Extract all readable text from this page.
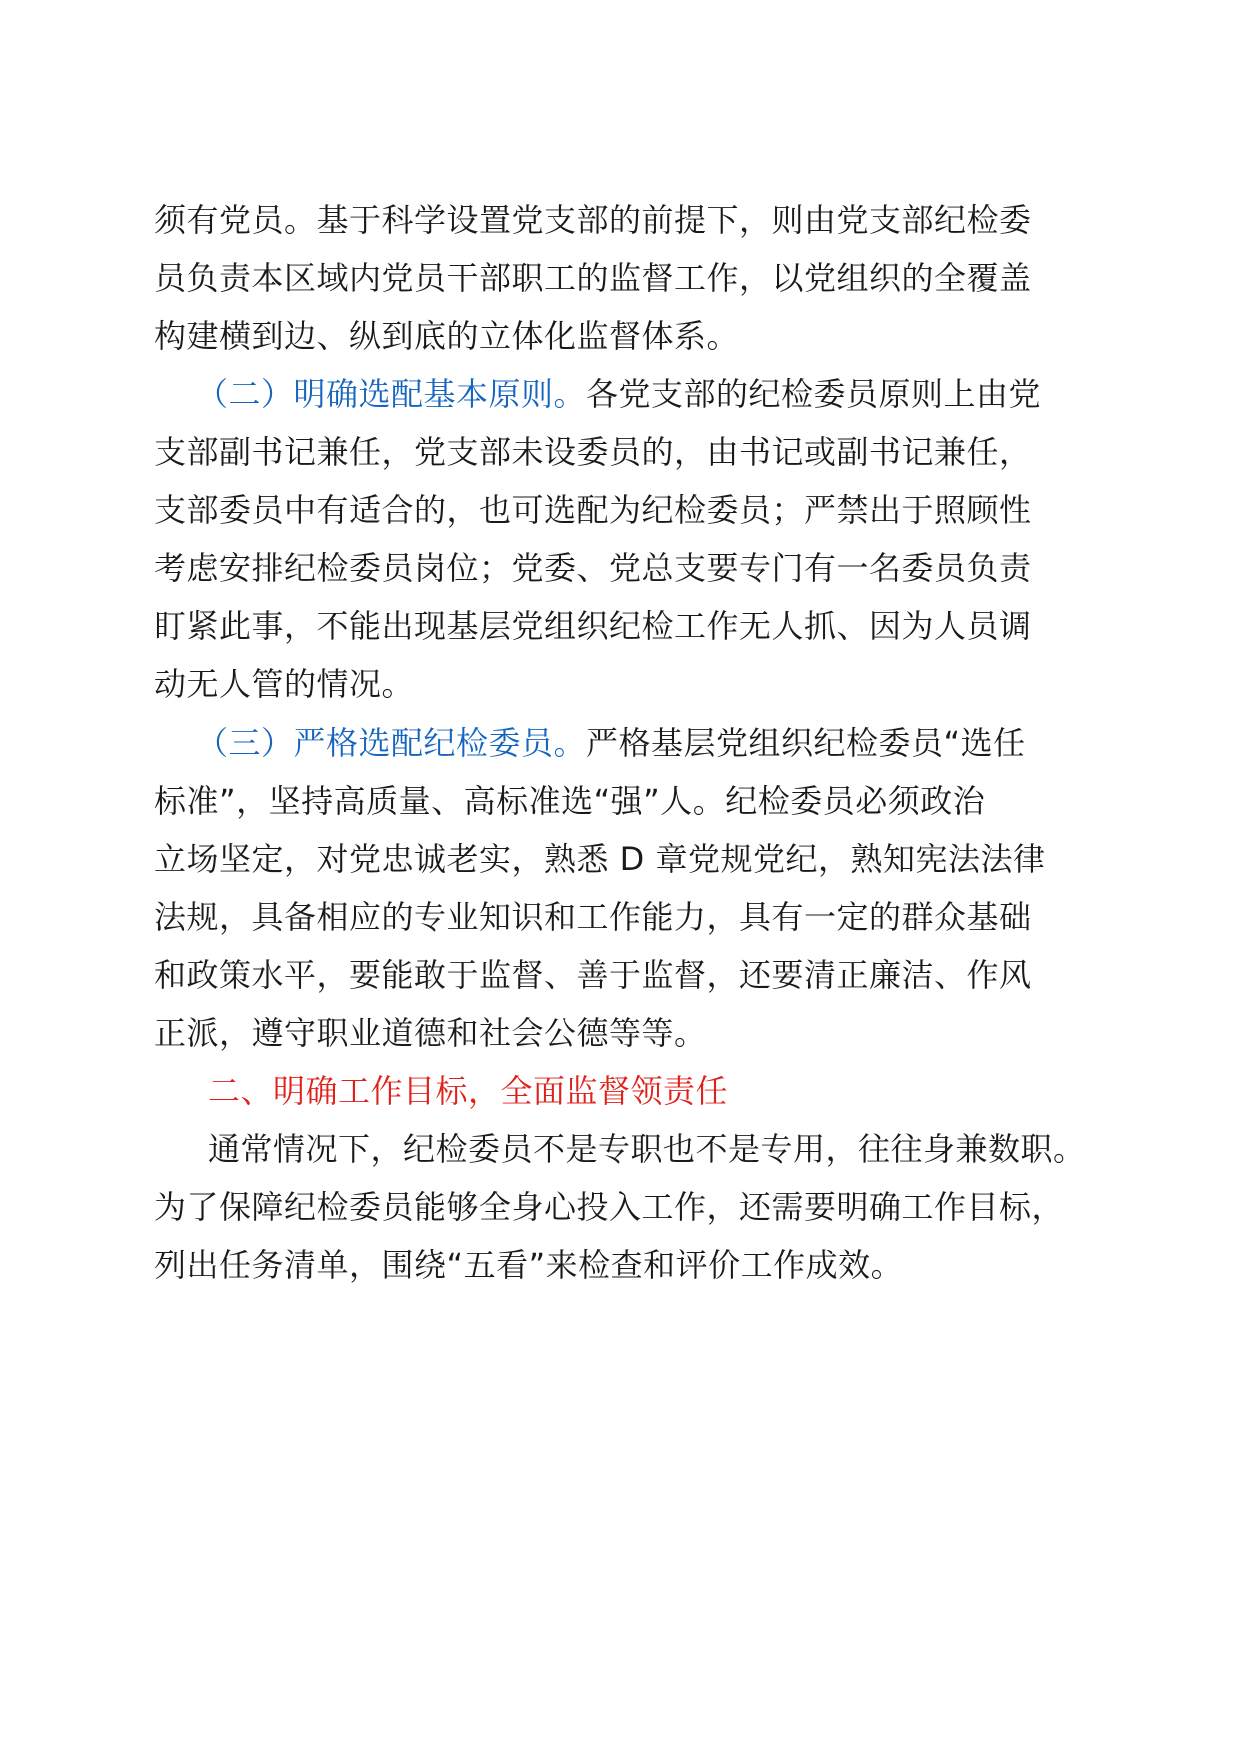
须有党员。基于科学设置党支部的前提下，则由党支部纪检委
员负责本区域内党员干部职工的监督工作，以党组织的全覆盖
构建横到边、纵到底的立体化监督体系。
（二）明确选配基本原则。各党支部的纪检委员原则上由党
支部副书记兼任，党支部未设委员的，由书记或副书记兼任，
支部委员中有适合的，也可选配为纪检委员；严禁出于照顾性
考虑安排纪检委员岗位；党委、党总支要专门有一名委员负责
盯紧此事，不能出现基层党组织纪检工作无人抓、因为人员调
动无人管的情况。
（三）严格选配纪检委员。严格基层党组织纪检委员“选任
标准”，坚持高质量、高标准选“强”人。纪检委员必须政治
立场坚定，对党忠诚老实，熟悉 D 章党规党纪，熟知宪法法律
法规，具备相应的专业知识和工作能力，具有一定的群众基础
和政策水平，要能敢于监督、善于监督，还要清正廉洁、作风
正派，遵守职业道德和社会公德等等。
二、明确工作目标，全面监督领责任
通常情况下，纪检委员不是专职也不是专用，往往身兼数职。
为了保障纪检委员能够全身心投入工作，还需要明确工作目标，
列出任务清单，围绕“五看”来检查和评价工作成效。
